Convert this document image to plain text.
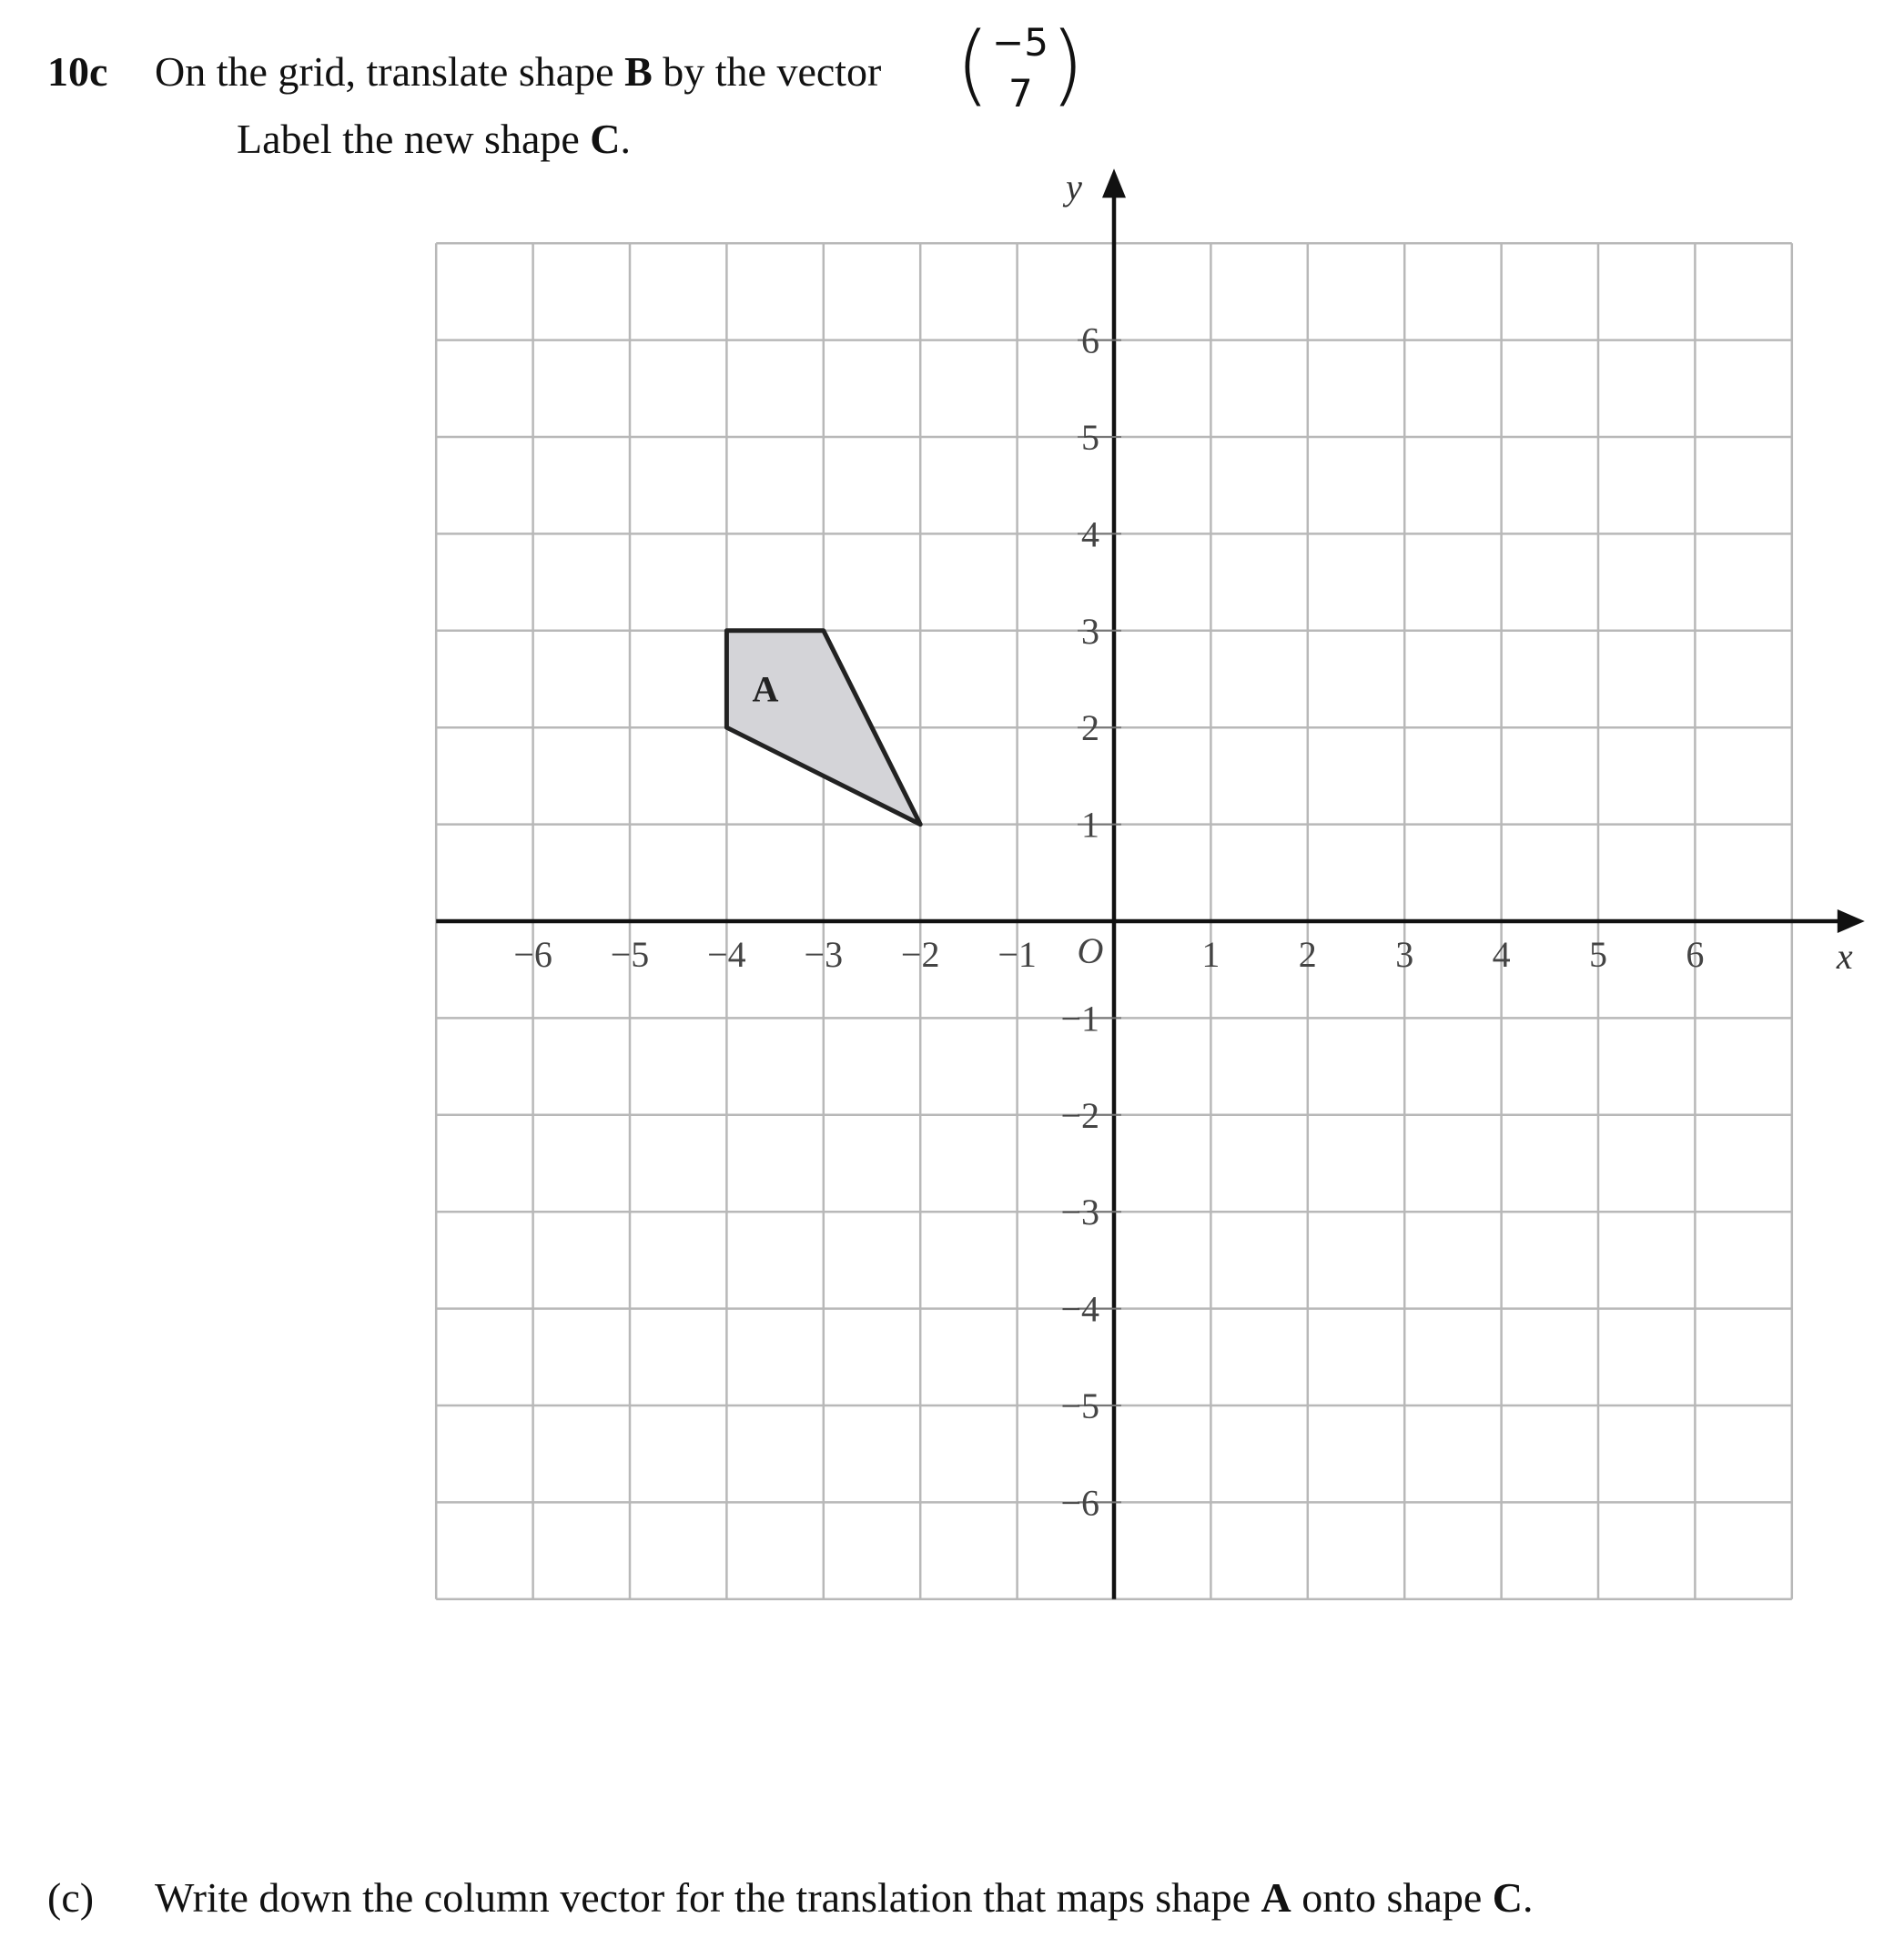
10c On the grid, translate shape B by the vector ( −5
7 )
Label the new shape C.
A
−6 −5 −4 −3 −2 −1	1 2 3 4 5 6
6
5
4
3
2
1
−1
−2
−3
−4
−5
−6
O	x
y
(c) Write down the column vector for the translation that maps shape A onto shape C.
